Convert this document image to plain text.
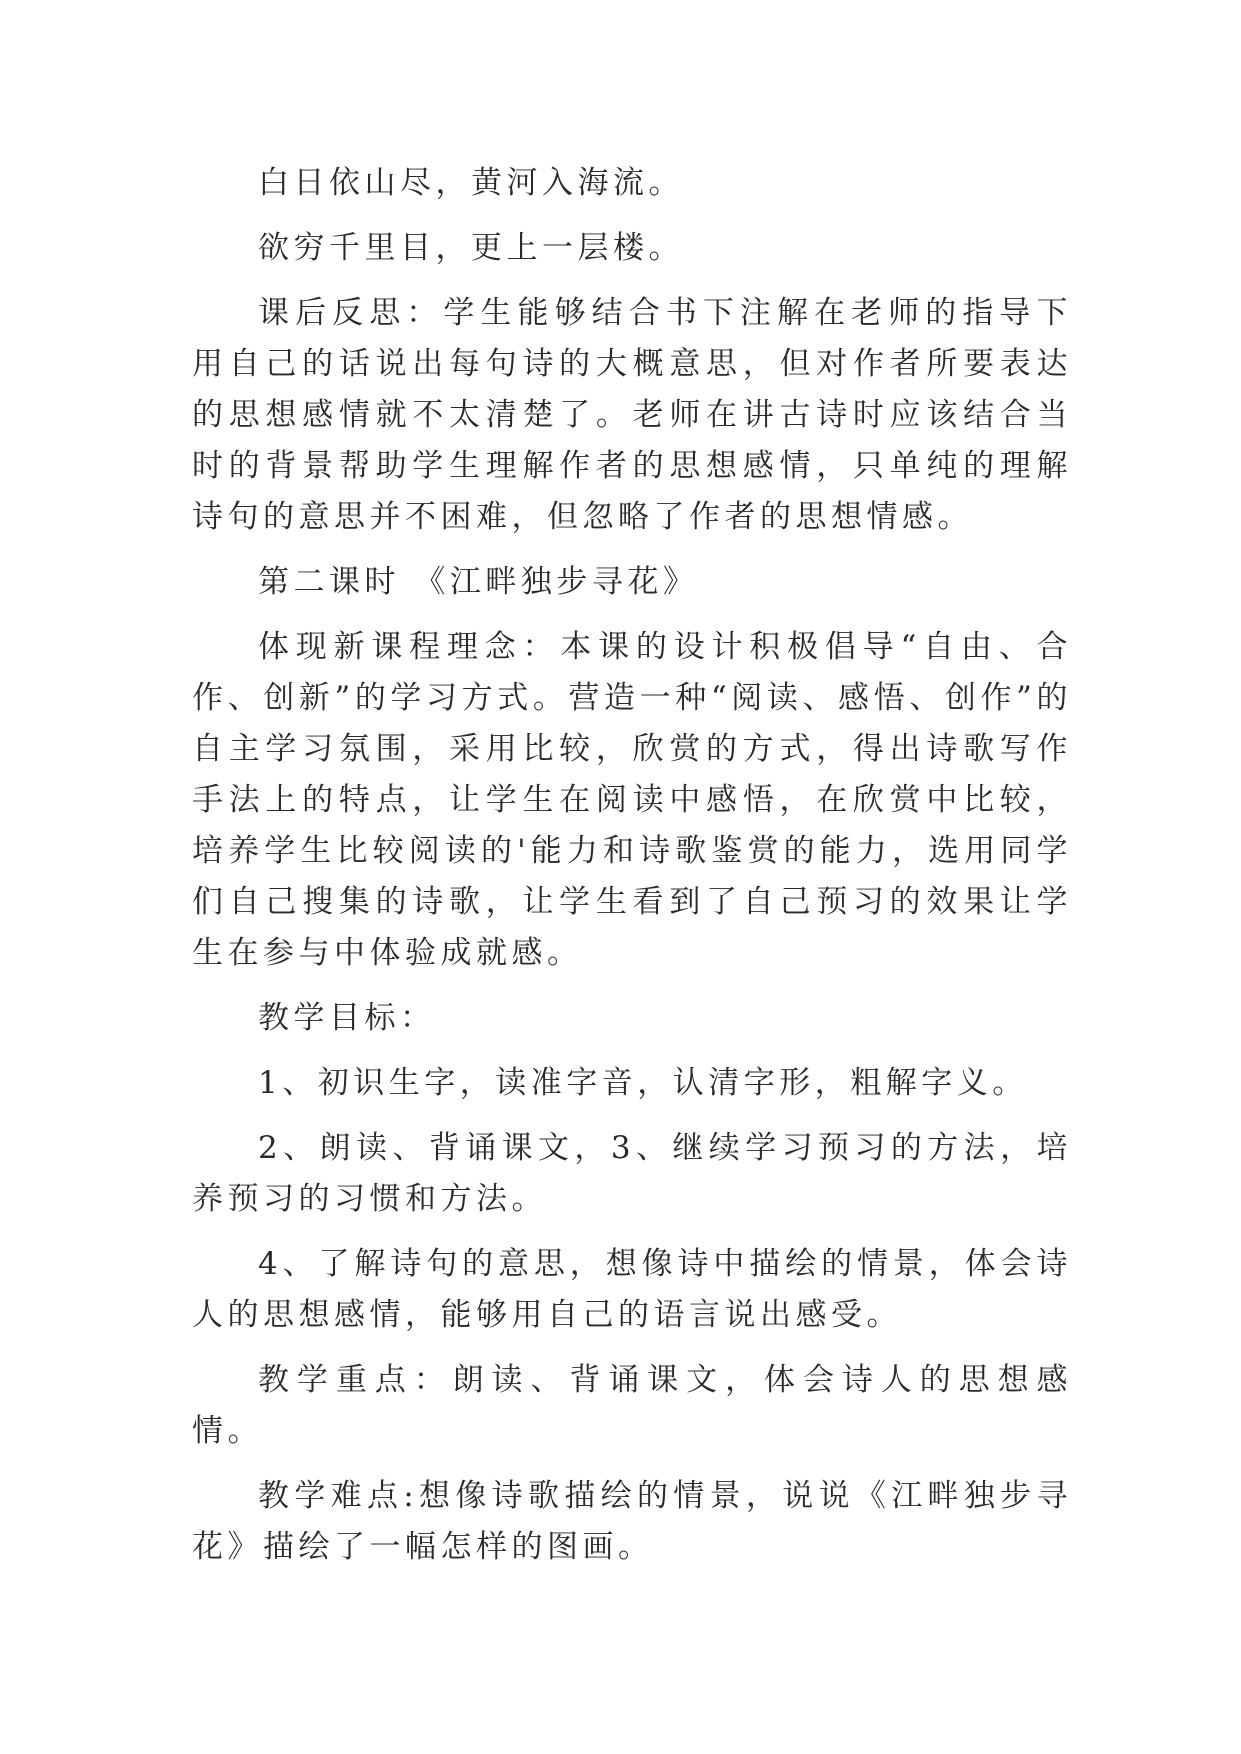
白日依山尽，黄河入海流。

欲穷千里目，更上一层楼。

课后反思：学生能够结合书下注解在老师的指导下用自己的话说出每句诗的大概意思，但对作者所要表达的思想感情就不太清楚了。老师在讲古诗时应该结合当时的背景帮助学生理解作者的思想感情，只单纯的理解诗句的意思并不困难，但忽略了作者的思想情感。

第二课时 《江畔独步寻花》

体现新课程理念：本课的设计积极倡导“自由、合作、创新”的学习方式。营造一种“阅读、感悟、创作”的自主学习氛围，采用比较，欣赏的方式，得出诗歌写作手法上的特点，让学生在阅读中感悟，在欣赏中比较，培养学生比较阅读的'能力和诗歌鉴赏的能力，选用同学们自己搜集的诗歌，让学生看到了自己预习的效果让学生在参与中体验成就感。

教学目标：

1、初识生字，读准字音，认清字形，粗解字义。

2、朗读、背诵课文，3、继续学习预习的方法，培养预习的习惯和方法。

4、了解诗句的意思，想像诗中描绘的情景，体会诗人的思想感情，能够用自己的语言说出感受。

教学重点：朗读、背诵课文，体会诗人的思想感情。

教学难点:想像诗歌描绘的情景，说说《江畔独步寻花》描绘了一幅怎样的图画。
